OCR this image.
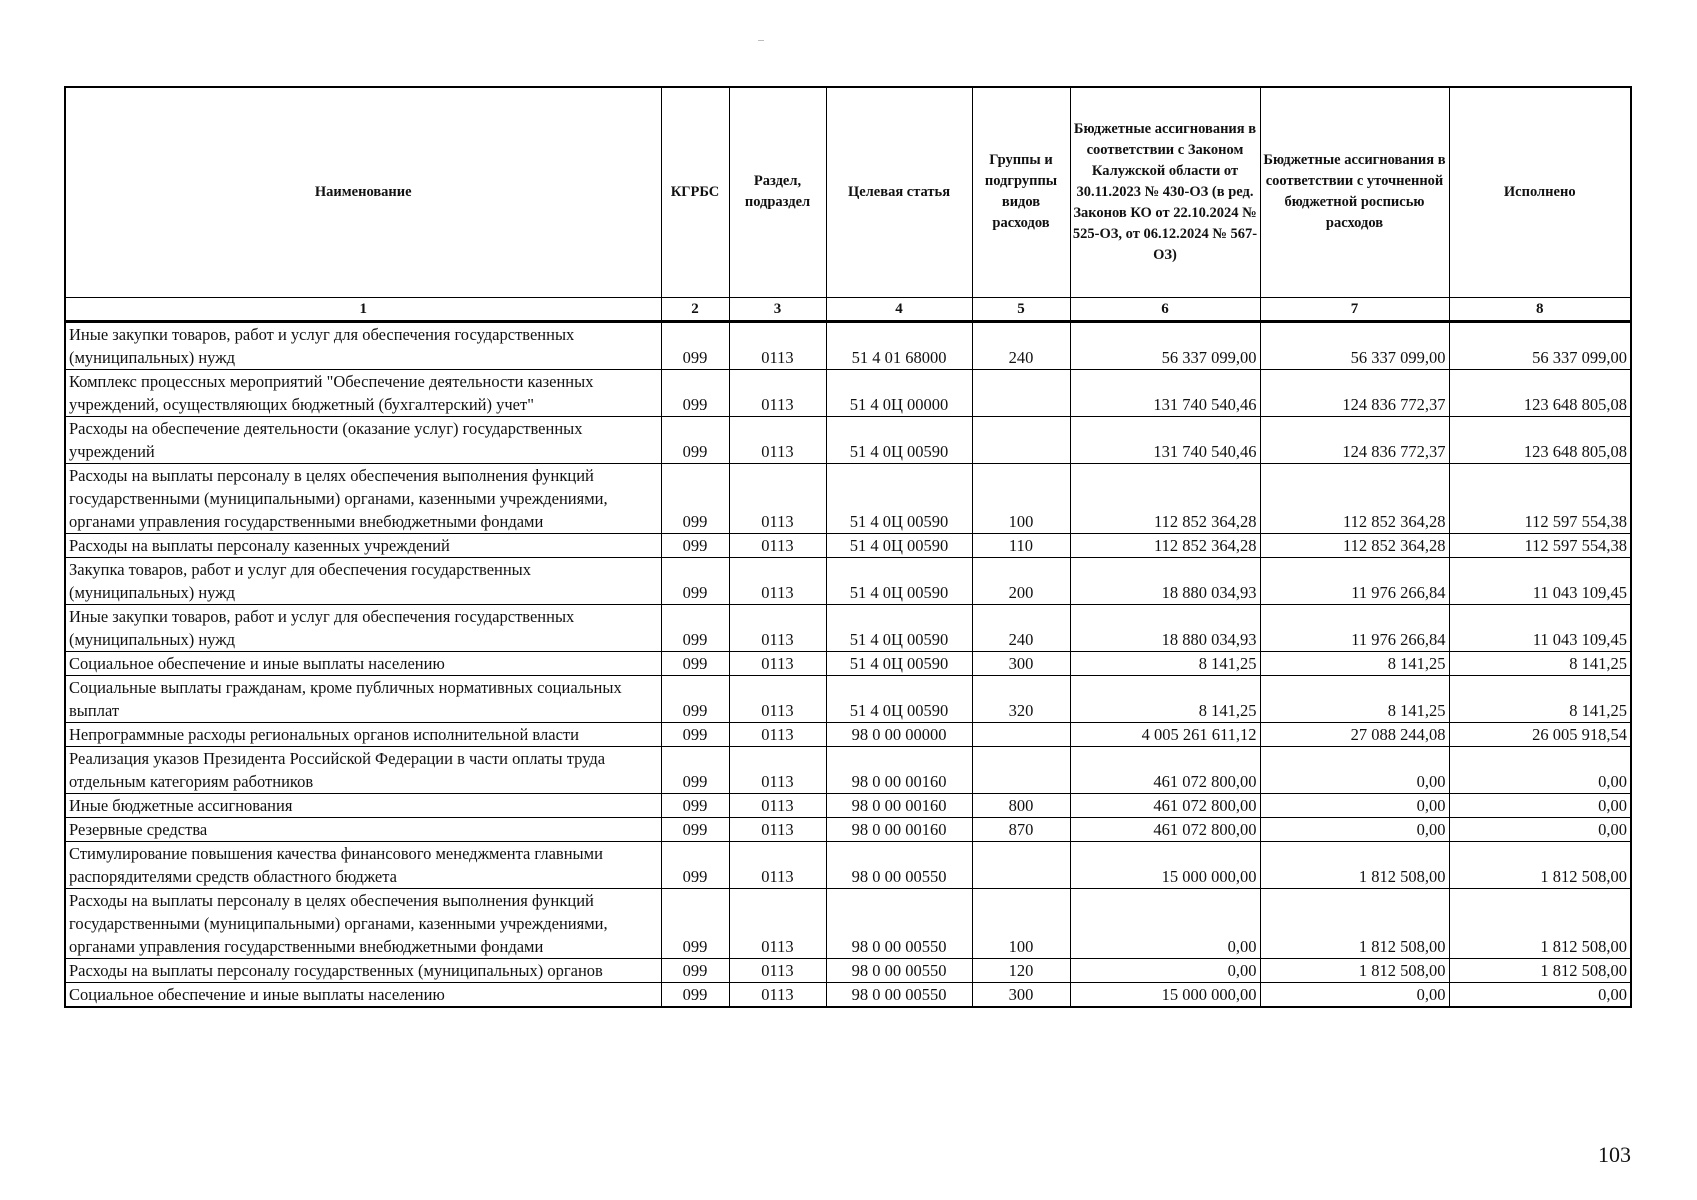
Наименование	КГРБС	Раздел, подраздел	Целевая статья	Группы и подгруппы видов расходов	Бюджетные ассигнования в соответствии с Законом Калужской области от 30.11.2023 № 430-ОЗ (в ред. Законов КО от 22.10.2024 № 525-ОЗ, от 06.12.2024 № 567-ОЗ)	Бюджетные ассигнования в соответствии с уточненной бюджетной росписью расходов	Исполнено
1	2	3	4	5	6	7	8
Иные закупки товаров, работ и услуг для обеспечения государственных (муниципальных) нужд	099	0113	51 4 01 68000	240	56 337 099,00	56 337 099,00	56 337 099,00
Комплекс процессных мероприятий "Обеспечение деятельности казенных учреждений, осуществляющих бюджетный (бухгалтерский) учет"	099	0113	51 4 0Ц 00000		131 740 540,46	124 836 772,37	123 648 805,08
Расходы на обеспечение деятельности (оказание услуг) государственных учреждений	099	0113	51 4 0Ц 00590		131 740 540,46	124 836 772,37	123 648 805,08
Расходы на выплаты персоналу в целях обеспечения выполнения функций государственными (муниципальными) органами, казенными учреждениями, органами управления государственными внебюджетными фондами	099	0113	51 4 0Ц 00590	100	112 852 364,28	112 852 364,28	112 597 554,38
Расходы на выплаты персоналу казенных учреждений	099	0113	51 4 0Ц 00590	110	112 852 364,28	112 852 364,28	112 597 554,38
Закупка товаров, работ и услуг для обеспечения государственных (муниципальных) нужд	099	0113	51 4 0Ц 00590	200	18 880 034,93	11 976 266,84	11 043 109,45
Иные закупки товаров, работ и услуг для обеспечения государственных (муниципальных) нужд	099	0113	51 4 0Ц 00590	240	18 880 034,93	11 976 266,84	11 043 109,45
Социальное обеспечение и иные выплаты населению	099	0113	51 4 0Ц 00590	300	8 141,25	8 141,25	8 141,25
Социальные выплаты гражданам, кроме публичных нормативных социальных выплат	099	0113	51 4 0Ц 00590	320	8 141,25	8 141,25	8 141,25
Непрограммные расходы региональных органов исполнительной власти	099	0113	98 0 00 00000		4 005 261 611,12	27 088 244,08	26 005 918,54
Реализация указов Президента Российской Федерации в части оплаты труда отдельным категориям работников	099	0113	98 0 00 00160		461 072 800,00	0,00	0,00
Иные бюджетные ассигнования	099	0113	98 0 00 00160	800	461 072 800,00	0,00	0,00
Резервные средства	099	0113	98 0 00 00160	870	461 072 800,00	0,00	0,00
Стимулирование повышения качества финансового менеджмента главными распорядителями средств областного бюджета	099	0113	98 0 00 00550		15 000 000,00	1 812 508,00	1 812 508,00
Расходы на выплаты персоналу в целях обеспечения выполнения функций государственными (муниципальными) органами, казенными учреждениями, органами управления государственными внебюджетными фондами	099	0113	98 0 00 00550	100	0,00	1 812 508,00	1 812 508,00
Расходы на выплаты персоналу государственных (муниципальных) органов	099	0113	98 0 00 00550	120	0,00	1 812 508,00	1 812 508,00
Социальное обеспечение и иные выплаты населению	099	0113	98 0 00 00550	300	15 000 000,00	0,00	0,00
103
